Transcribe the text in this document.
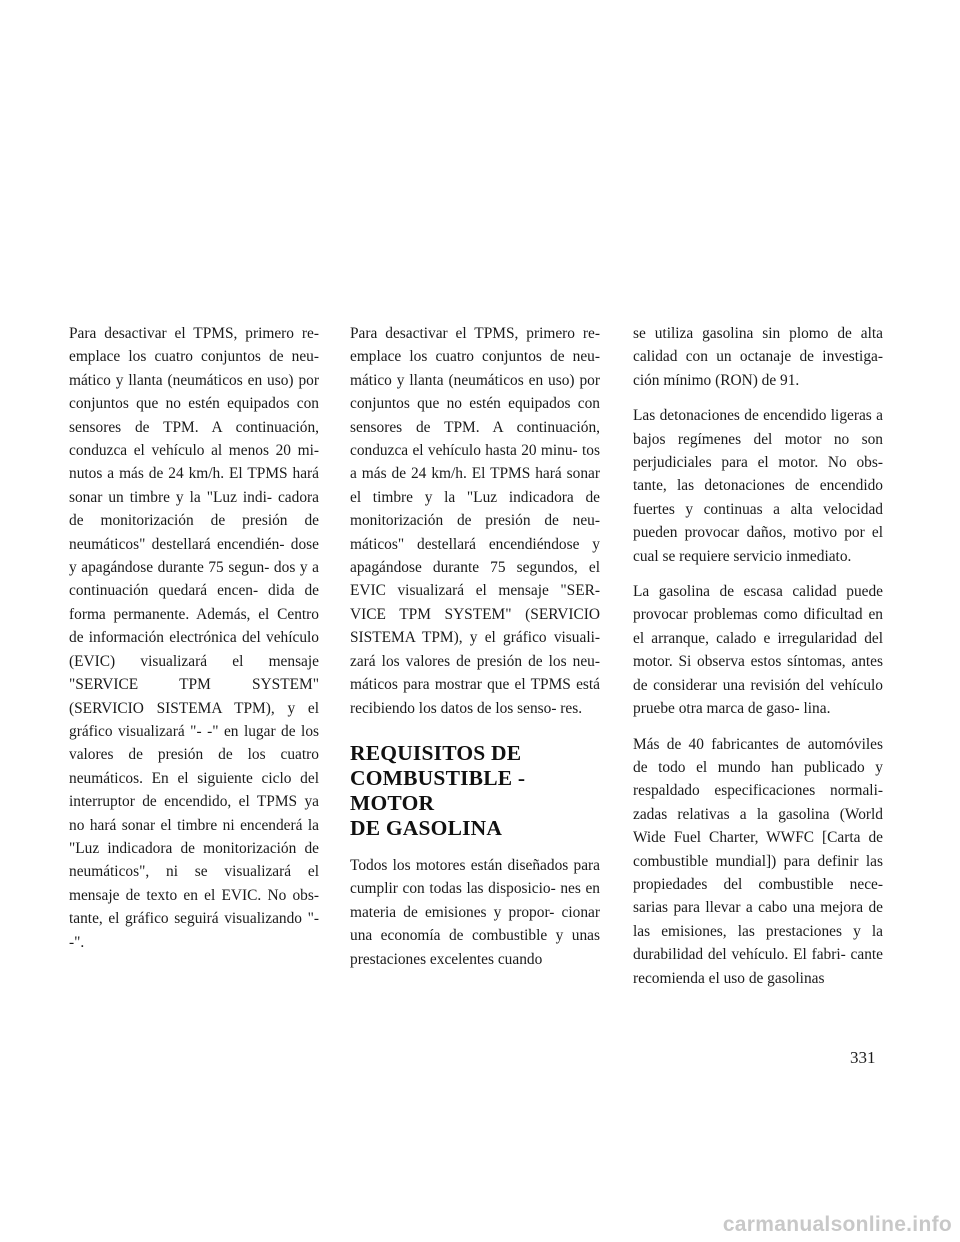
Para desactivar el TPMS, primero re- emplace los cuatro conjuntos de neu- mático y llanta (neumáticos en uso) por conjuntos que no estén equipados con sensores de TPM. A continuación, conduzca el vehículo al menos 20 mi- nutos a más de 24 km/h. El TPMS hará sonar un timbre y la "Luz indi- cadora de monitorización de presión de neumáticos" destellará encendién- dose y apagándose durante 75 segun- dos y a continuación quedará encen- dida de forma permanente. Además, el Centro de información electrónica del vehículo (EVIC) visualizará el mensaje "SERVICE TPM SYSTEM" (SERVICIO SISTEMA TPM), y el gráfico visualizará "- -" en lugar de los valores de presión de los cuatro neumáticos. En el siguiente ciclo del interruptor de encendido, el TPMS ya no hará sonar el timbre ni encenderá la "Luz indicadora de monitorización de neumáticos", ni se visualizará el mensaje de texto en el EVIC. No obs- tante, el gráfico seguirá visualizando "- -".

Para desactivar el TPMS, primero re- emplace los cuatro conjuntos de neu- mático y llanta (neumáticos en uso) por conjuntos que no estén equipados con sensores de TPM. A continuación, conduzca el vehículo hasta 20 minu- tos a más de 24 km/h. El TPMS hará sonar el timbre y la "Luz indicadora de monitorización de presión de neu- máticos" destellará encendiéndose y apagándose durante 75 segundos, el EVIC visualizará el mensaje "SER- VICE TPM SYSTEM" (SERVICIO SISTEMA TPM), y el gráfico visuali- zará los valores de presión de los neu- máticos para mostrar que el TPMS está recibiendo los datos de los senso- res.

REQUISITOS DE
COMBUSTIBLE - MOTOR
DE GASOLINA

Todos los motores están diseñados para cumplir con todas las disposicio- nes en materia de emisiones y propor- cionar una economía de combustible y unas prestaciones excelentes cuando

se utiliza gasolina sin plomo de alta calidad con un octanaje de investiga- ción mínimo (RON) de 91.

Las detonaciones de encendido ligeras a bajos regímenes del motor no son perjudiciales para el motor. No obs- tante, las detonaciones de encendido fuertes y continuas a alta velocidad pueden provocar daños, motivo por el cual se requiere servicio inmediato.

La gasolina de escasa calidad puede provocar problemas como dificultad en el arranque, calado e irregularidad del motor. Si observa estos síntomas, antes de considerar una revisión del vehículo pruebe otra marca de gaso- lina.

Más de 40 fabricantes de automóviles de todo el mundo han publicado y respaldado especificaciones normali- zadas relativas a la gasolina (World Wide Fuel Charter, WWFC [Carta de combustible mundial]) para definir las propiedades del combustible nece- sarias para llevar a cabo una mejora de las emisiones, las prestaciones y la durabilidad del vehículo. El fabri- cante recomienda el uso de gasolinas

331
carmanualsonline.info
